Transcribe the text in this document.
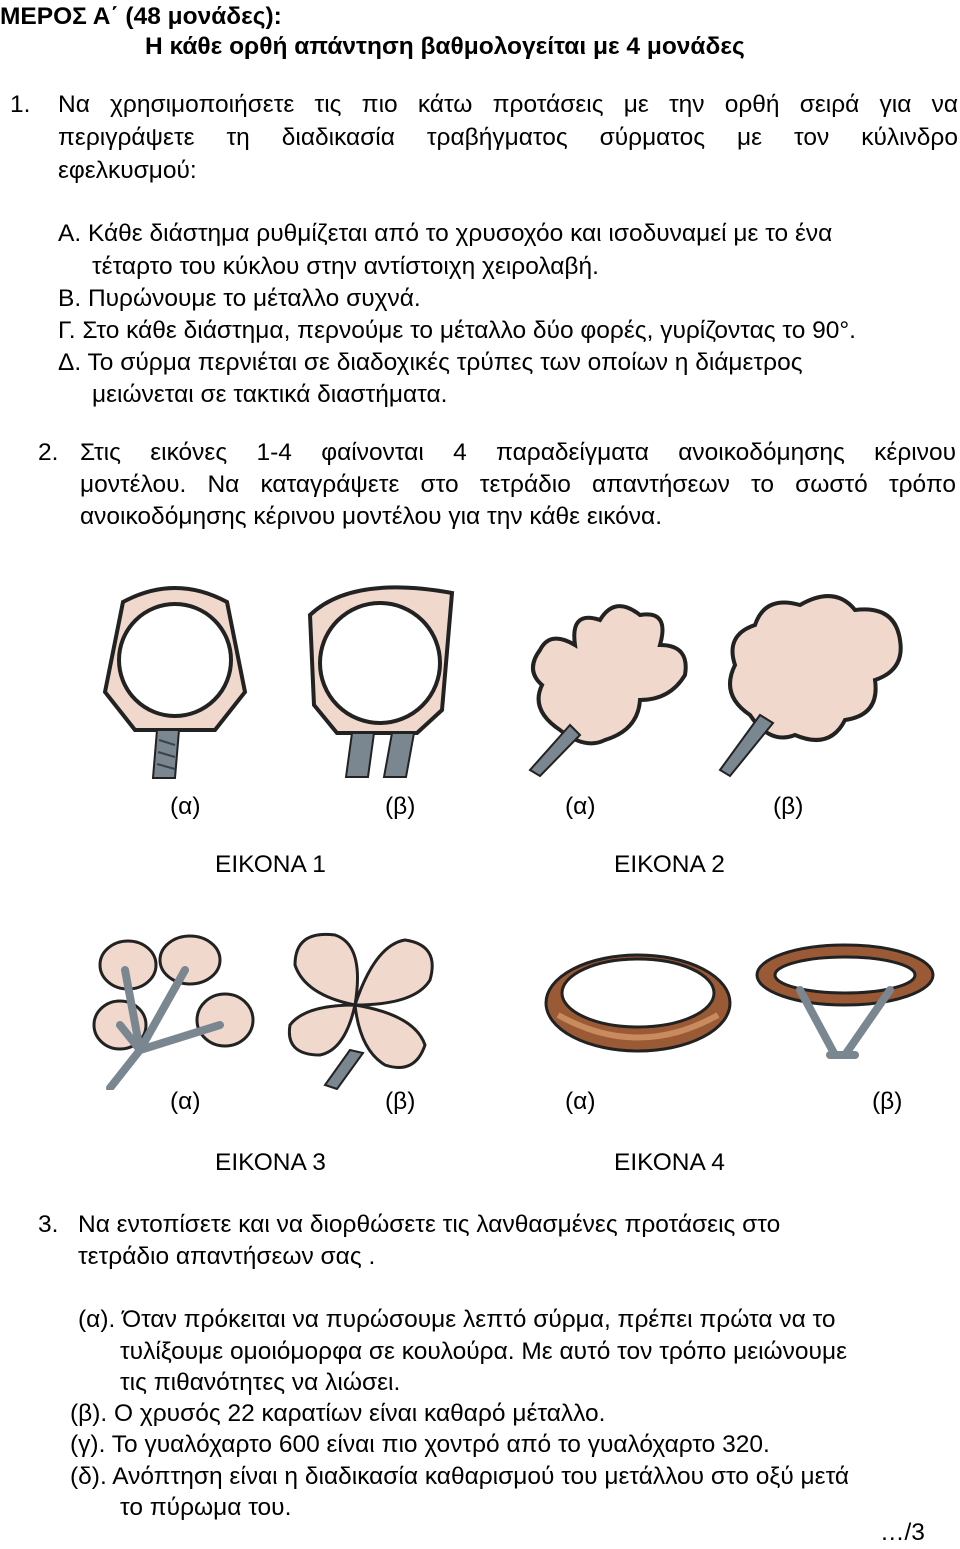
ΜΕΡΟΣ Α΄ (48 μονάδες):
Η κάθε ορθή απάντηση βαθμολογείται με 4 μονάδες
1. Να χρησιμοποιήσετε τις πιο κάτω προτάσεις με την ορθή σειρά για να
περιγράψετε τη διαδικασία τραβήγματος σύρματος με τον κύλινδρο
εφελκυσμού:
Α. Κάθε διάστημα ρυθμίζεται από το χρυσοχόο και ισοδυναμεί με το ένα
τέταρτο του κύκλου στην αντίστοιχη χειρολαβή.
Β. Πυρώνουμε το μέταλλο συχνά.
Γ. Στο κάθε διάστημα, περνούμε το μέταλλο δύο φορές, γυρίζοντας το 90°.
Δ. Το σύρμα περνιέται σε διαδοχικές τρύπες των οποίων η διάμετρος
μειώνεται σε τακτικά διαστήματα.
2. Στις εικόνες 1-4 φαίνονται 4 παραδείγματα ανοικοδόμησης κέρινου
μοντέλου. Να καταγράψετε στο τετράδιο απαντήσεων το σωστό τρόπο
ανοικοδόμησης κέρινου μοντέλου για την κάθε εικόνα.
(α)	(β)	(α)	(β)
ΕΙΚΟΝΑ 1	ΕΙΚΟΝΑ 2
(α)	(β)	(α)	(β)
ΕΙΚΟΝΑ 3	ΕΙΚΟΝΑ 4
3. Να εντοπίσετε και να διορθώσετε τις λανθασμένες προτάσεις στο
τετράδιο απαντήσεων σας .
(α). Όταν πρόκειται να πυρώσουμε λεπτό σύρμα, πρέπει πρώτα να το
τυλίξουμε ομοιόμορφα σε κουλούρα. Με αυτό τον τρόπο μειώνουμε
τις πιθανότητες να λιώσει.
(β). Ο χρυσός 22 καρατίων είναι καθαρό μέταλλο.
(γ). Το γυαλόχαρτο 600 είναι πιο χοντρό από το γυαλόχαρτο 320.
(δ). Ανόπτηση είναι η διαδικασία καθαρισμού του μετάλλου στο οξύ μετά
το πύρωμα του.
…/3
